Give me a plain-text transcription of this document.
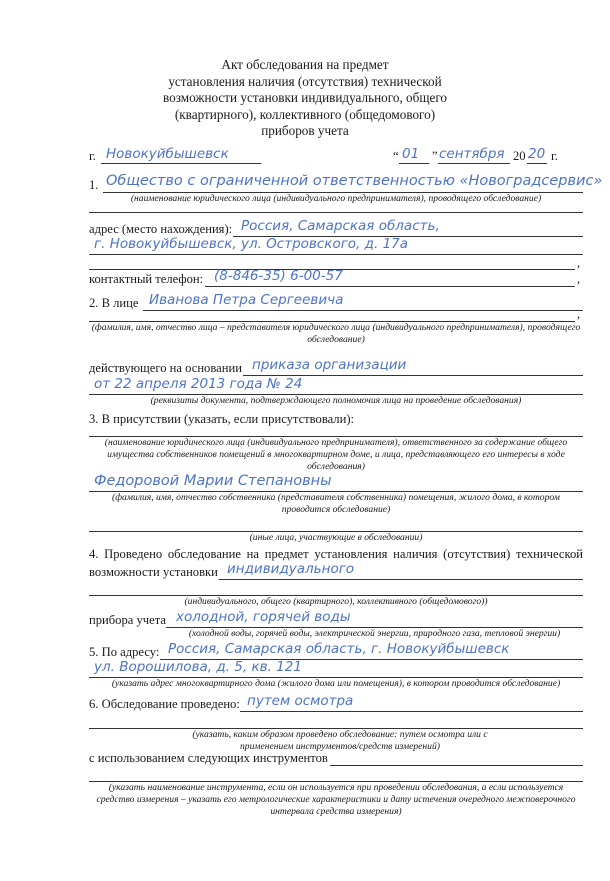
Акт обследования на предмет
установления наличия (отсутствия) технической
возможности установки индивидуального, общего
(квартирного), коллективного (общедомового)
приборов учета
г. Новокуйбышевск	“ 01 ” сентября 20 20 г.
1. Общество с ограниченной ответственностью «Новоградсервис»
(наименование юридического лица (индивидуального предпринимателя), проводящего обследование)
адрес (место нахождения): Россия, Самарская область,
г. Новокуйбышевск, ул. Островского, д. 17а
,
контактный телефон: (8-846-35) 6-00-57	,
2. В лице Иванова Петра Сергеевича
,
(фамилия, имя, отчество лица – представителя юридического лица (индивидуального предпринимателя), проводящего обследование)
действующего на основании приказа организации
от 22 апреля 2013 года № 24
(реквизиты документа, подтверждающего полномочия лица на проведение обследования)
3. В присутствии (указать, если присутствовали):
(наименование юридического лица (индивидуального предпринимателя), ответственного за содержание общего имущества собственников помещений в многоквартирном доме, и лица, представляющего его интересы в ходе обследования)
Федоровой Марии Степановны
(фамилия, имя, отчество собственника (представителя собственника) помещения, жилого дома, в котором проводится обследование)
(иные лица, участвующие в обследовании)
4. Проведено обследование на предмет установления наличия (отсутствия) технической
возможности установки индивидуального
(индивидуального, общего (квартирного), коллективного (общедомового))
прибора учета холодной, горячей воды
(холодной воды, горячей воды, электрической энергии, природного газа, тепловой энергии)
5. По адресу: Россия, Самарская область, г. Новокуйбышевск
ул. Ворошилова, д. 5, кв. 121
(указать адрес многоквартирного дома (жилого дома или помещения), в котором проводится обследование)
6. Обследование проведено: путем осмотра
(указать, каким образом проведено обследование: путем осмотра или с применением инструментов/средств измерений)
с использованием следующих инструментов
(указать наименование инструмента, если он используется при проведении обследования, а если используется средство измерения – указать его метрологические характеристики и дату истечения очередного межповерочного интервала средства измерения)
